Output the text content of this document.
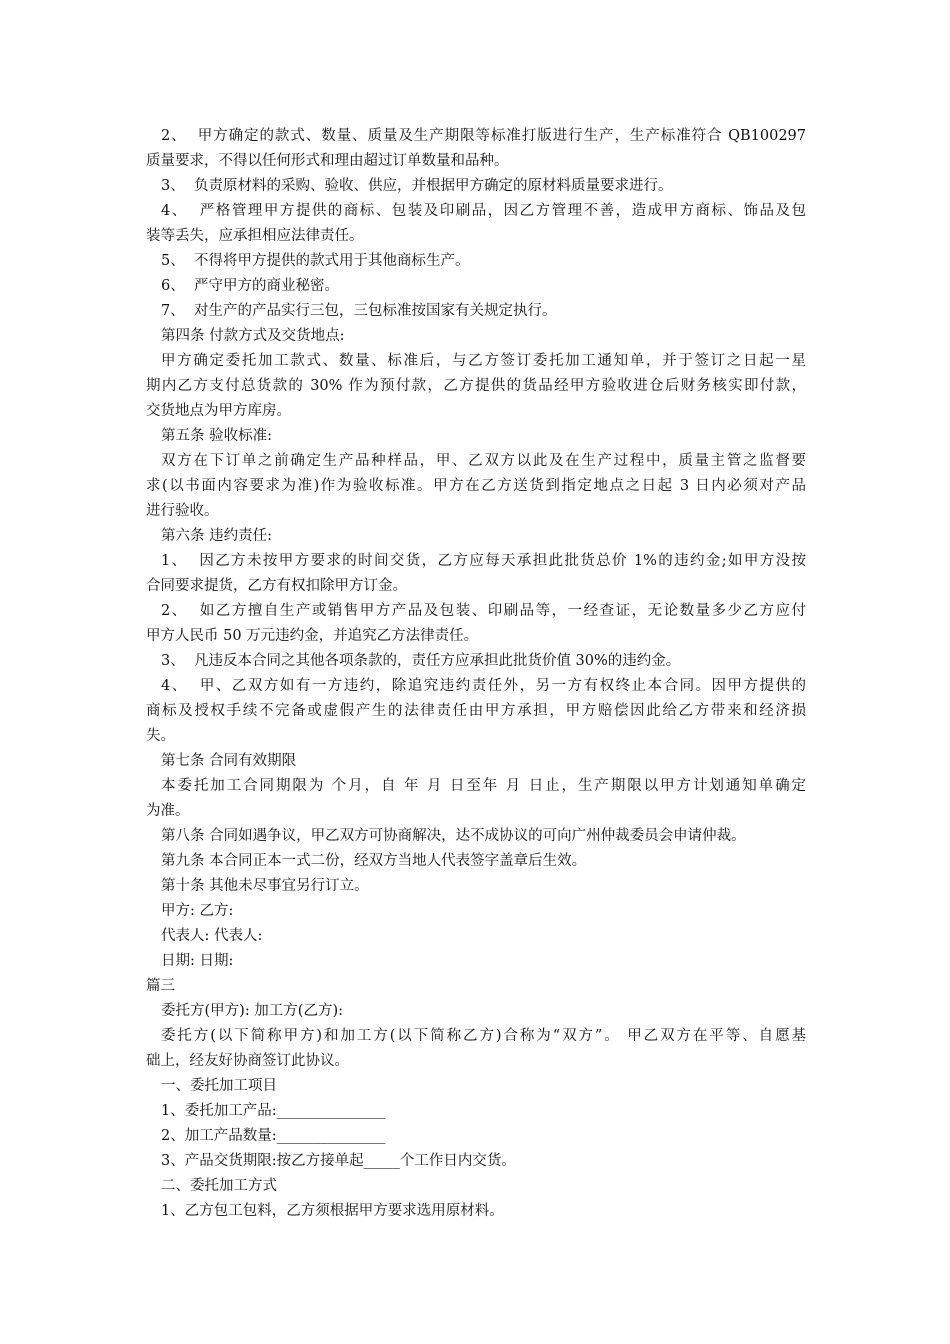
2、  甲方确定的款式、数量、质量及生产期限等标准打版进行生产，生产标准符合 QB100297
质量要求，不得以任何形式和理由超过订单数量和品种。
3、  负责原材料的采购、验收、供应，并根据甲方确定的原材料质量要求进行。
4、  严格管理甲方提供的商标、包装及印刷品，因乙方管理不善，造成甲方商标、饰品及包
装等丢失，应承担相应法律责任。
5、  不得将甲方提供的款式用于其他商标生产。
6、  严守甲方的商业秘密。
7、  对生产的产品实行三包，三包标准按国家有关规定执行。
第四条 付款方式及交货地点:
甲方确定委托加工款式、数量、标准后，与乙方签订委托加工通知单，并于签订之日起一星
期内乙方支付总货款的 30% 作为预付款，乙方提供的货品经甲方验收进仓后财务核实即付款，
交货地点为甲方库房。
第五条 验收标准:
双方在下订单之前确定生产品种样品，甲、乙双方以此及在生产过程中，质量主管之监督要
求(以书面内容要求为准)作为验收标准。甲方在乙方送货到指定地点之日起 3 日内必须对产品
进行验收。
第六条 违约责任:
1、  因乙方未按甲方要求的时间交货，乙方应每天承担此批货总价 1%的违约金;如甲方没按
合同要求提货，乙方有权扣除甲方订金。
2、  如乙方擅自生产或销售甲方产品及包装、印刷品等，一经查证，无论数量多少乙方应付
甲方人民币 50 万元违约金，并追究乙方法律责任。
3、  凡违反本合同之其他各项条款的，责任方应承担此批货价值 30%的违约金。
4、  甲、乙双方如有一方违约，除追究违约责任外，另一方有权终止本合同。因甲方提供的
商标及授权手续不完备或虚假产生的法律责任由甲方承担，甲方赔偿因此给乙方带来和经济损
失。
第七条 合同有效期限
本委托加工合同期限为 个月，自 年 月 日至年 月 日止，生产期限以甲方计划通知单确定
为准。
第八条 合同如遇争议，甲乙双方可协商解决，达不成协议的可向广州仲裁委员会申请仲裁。
第九条 本合同正本一式二份，经双方当地人代表签字盖章后生效。
第十条 其他未尽事宜另行订立。
甲方: 乙方:
代表人: 代表人:
日期: 日期:
篇三
委托方(甲方): 加工方(乙方):
委托方(以下简称甲方)和加工方(以下简称乙方)合称为“双方”。 甲乙双方在平等、自愿基
础上，经友好协商签订此协议。
一、委托加工项目
1、委托加工产品:_______________
2、加工产品数量:_______________
3、产品交货期限:按乙方接单起_____个工作日内交货。
二、委托加工方式
1、乙方包工包料，乙方须根据甲方要求选用原材料。
